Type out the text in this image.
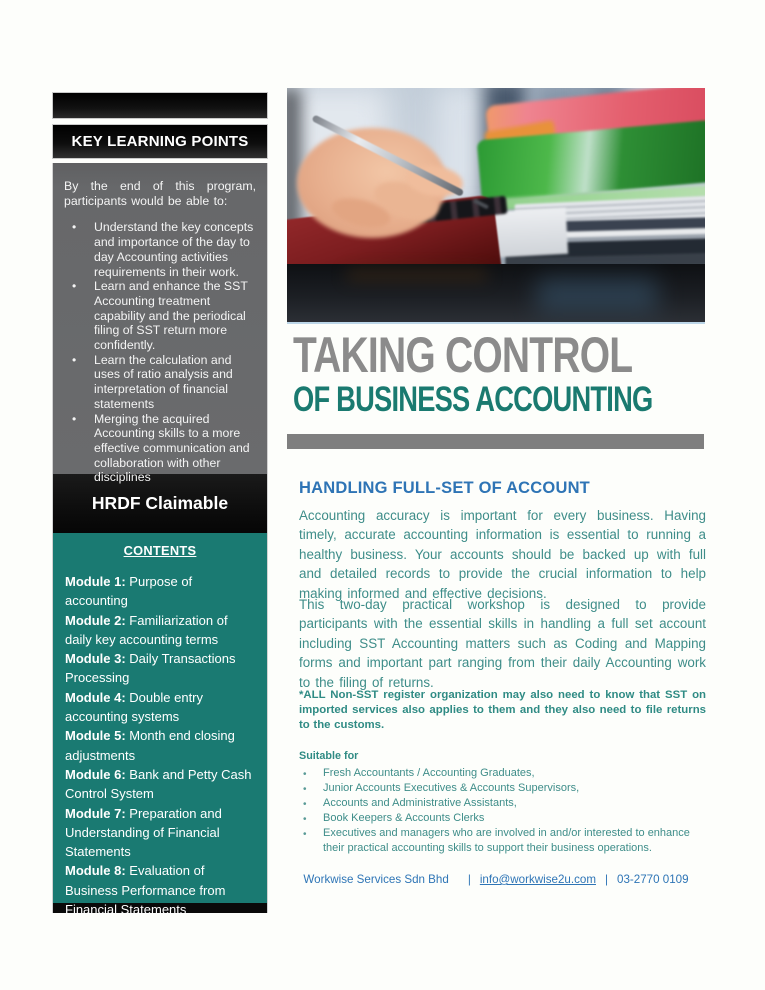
KEY LEARNING POINTS

By the end of this program, participants would be able to:

• Understand the key concepts and importance of the day to day Accounting activities requirements in their work.
• Learn and enhance the SST Accounting treatment capability and the periodical filing of SST return more confidently.
• Learn the calculation and uses of ratio analysis and interpretation of financial statements
• Merging the acquired Accounting skills to a more effective communication and collaboration with other disciplines
HRDF Claimable
CONTENTS

Module 1: Purpose of accounting

Module 2: Familiarization of daily key accounting terms

Module 3: Daily Transactions Processing

Module 4: Double entry accounting systems

Module 5: Month end closing adjustments

Module 6: Bank and Petty Cash Control System

Module 7: Preparation and Understanding of Financial Statements

Module 8: Evaluation of Business Performance from Financial Statements

TAKING CONTROL
OF BUSINESS ACCOUNTING
HANDLING FULL-SET OF ACCOUNT

Accounting accuracy is important for every business. Having timely, accurate accounting information is essential to running a healthy business. Your accounts should be backed up with full and detailed records to provide the crucial information to help making informed and effective decisions.

This two-day practical workshop is designed to provide participants with the essential skills in handling a full set account including SST Accounting matters such as Coding and Mapping forms and important part ranging from their daily Accounting work to the filing of returns.

*ALL Non-SST register organization may also need to know that SST on imported services also applies to them and they also need to file returns to the customs.

Suitable for
• Fresh Accountants / Accounting Graduates,
• Junior Accounts Executives & Accounts Supervisors,
• Accounts and Administrative Assistants,
• Book Keepers & Accounts Clerks
• Executives and managers who are involved in and/or interested to enhance their practical accounting skills to support their business operations.
Workwise Services Sdn Bhd | info@workwise2u.com | 03-2770 0109
